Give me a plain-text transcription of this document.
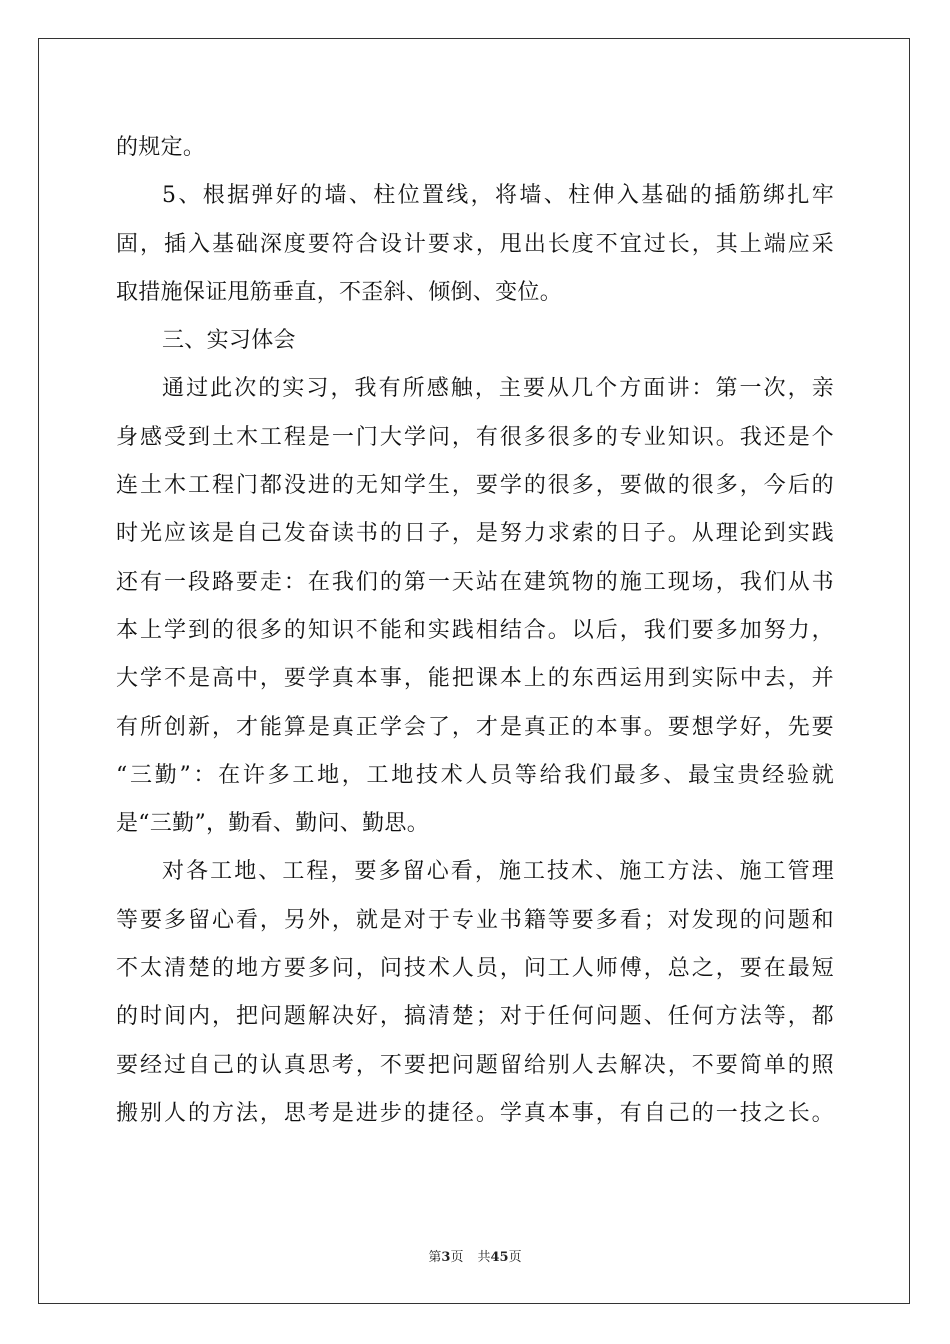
的规定。
5、根据弹好的墙、柱位置线，将墙、柱伸入基础的插筋绑扎牢
固，插入基础深度要符合设计要求，甩出长度不宜过长，其上端应采
取措施保证甩筋垂直，不歪斜、倾倒、变位。
三、实习体会
通过此次的实习，我有所感触，主要从几个方面讲：第一次，亲
身感受到土木工程是一门大学问，有很多很多的专业知识。我还是个
连土木工程门都没进的无知学生，要学的很多，要做的很多，今后的
时光应该是自己发奋读书的日子，是努力求索的日子。从理论到实践
还有一段路要走：在我们的第一天站在建筑物的施工现场，我们从书
本上学到的很多的知识不能和实践相结合。以后，我们要多加努力，
大学不是高中，要学真本事，能把课本上的东西运用到实际中去，并
有所创新，才能算是真正学会了，才是真正的本事。要想学好，先要
“三勤”：在许多工地，工地技术人员等给我们最多、最宝贵经验就
是“三勤”，勤看、勤问、勤思。
对各工地、工程，要多留心看，施工技术、施工方法、施工管理
等要多留心看，另外，就是对于专业书籍等要多看；对发现的问题和
不太清楚的地方要多问，问技术人员，问工人师傅，总之，要在最短
的时间内，把问题解决好，搞清楚；对于任何问题、任何方法等，都
要经过自己的认真思考，不要把问题留给别人去解决，不要简单的照
搬别人的方法，思考是进步的捷径。学真本事，有自己的一技之长。
第3页 共45页
